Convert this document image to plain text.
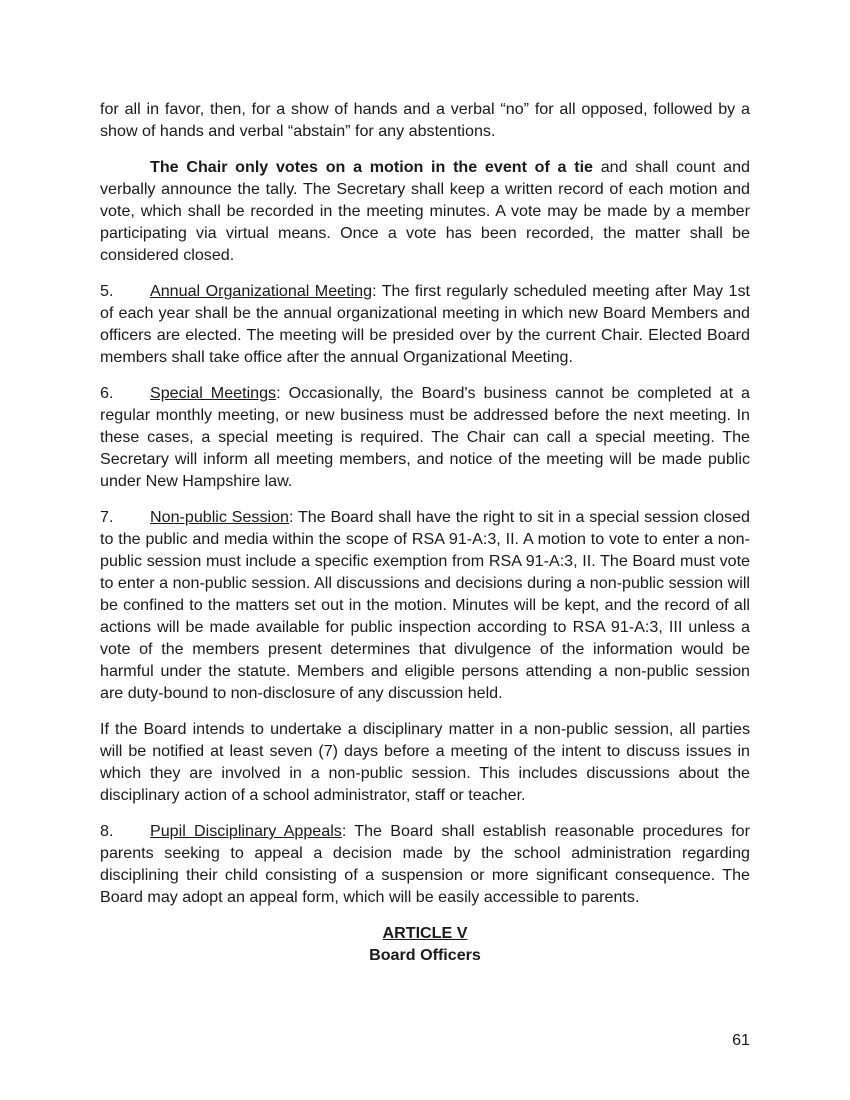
for all in favor, then, for a show of hands and a verbal “no” for all opposed, followed by a show of hands and verbal “abstain” for any abstentions.

The Chair only votes on a motion in the event of a tie and shall count and verbally announce the tally. The Secretary shall keep a written record of each motion and vote, which shall be recorded in the meeting minutes. A vote may be made by a member participating via virtual means. Once a vote has been recorded, the matter shall be considered closed.

5. Annual Organizational Meeting: The first regularly scheduled meeting after May 1st of each year shall be the annual organizational meeting in which new Board Members and officers are elected. The meeting will be presided over by the current Chair. Elected Board members shall take office after the annual Organizational Meeting.

6. Special Meetings: Occasionally, the Board's business cannot be completed at a regular monthly meeting, or new business must be addressed before the next meeting. In these cases, a special meeting is required. The Chair can call a special meeting. The Secretary will inform all meeting members, and notice of the meeting will be made public under New Hampshire law.

7. Non-public Session: The Board shall have the right to sit in a special session closed to the public and media within the scope of RSA 91-A:3, II. A motion to vote to enter a non-public session must include a specific exemption from RSA 91-A:3, II. The Board must vote to enter a non-public session. All discussions and decisions during a non-public session will be confined to the matters set out in the motion. Minutes will be kept, and the record of all actions will be made available for public inspection according to RSA 91-A:3, III unless a vote of the members present determines that divulgence of the information would be harmful under the statute. Members and eligible persons attending a non-public session are duty-bound to non-disclosure of any discussion held.

If the Board intends to undertake a disciplinary matter in a non-public session, all parties will be notified at least seven (7) days before a meeting of the intent to discuss issues in which they are involved in a non-public session. This includes discussions about the disciplinary action of a school administrator, staff or teacher.

8. Pupil Disciplinary Appeals: The Board shall establish reasonable procedures for parents seeking to appeal a decision made by the school administration regarding disciplining their child consisting of a suspension or more significant consequence. The Board may adopt an appeal form, which will be easily accessible to parents.

ARTICLE V
Board Officers
61
